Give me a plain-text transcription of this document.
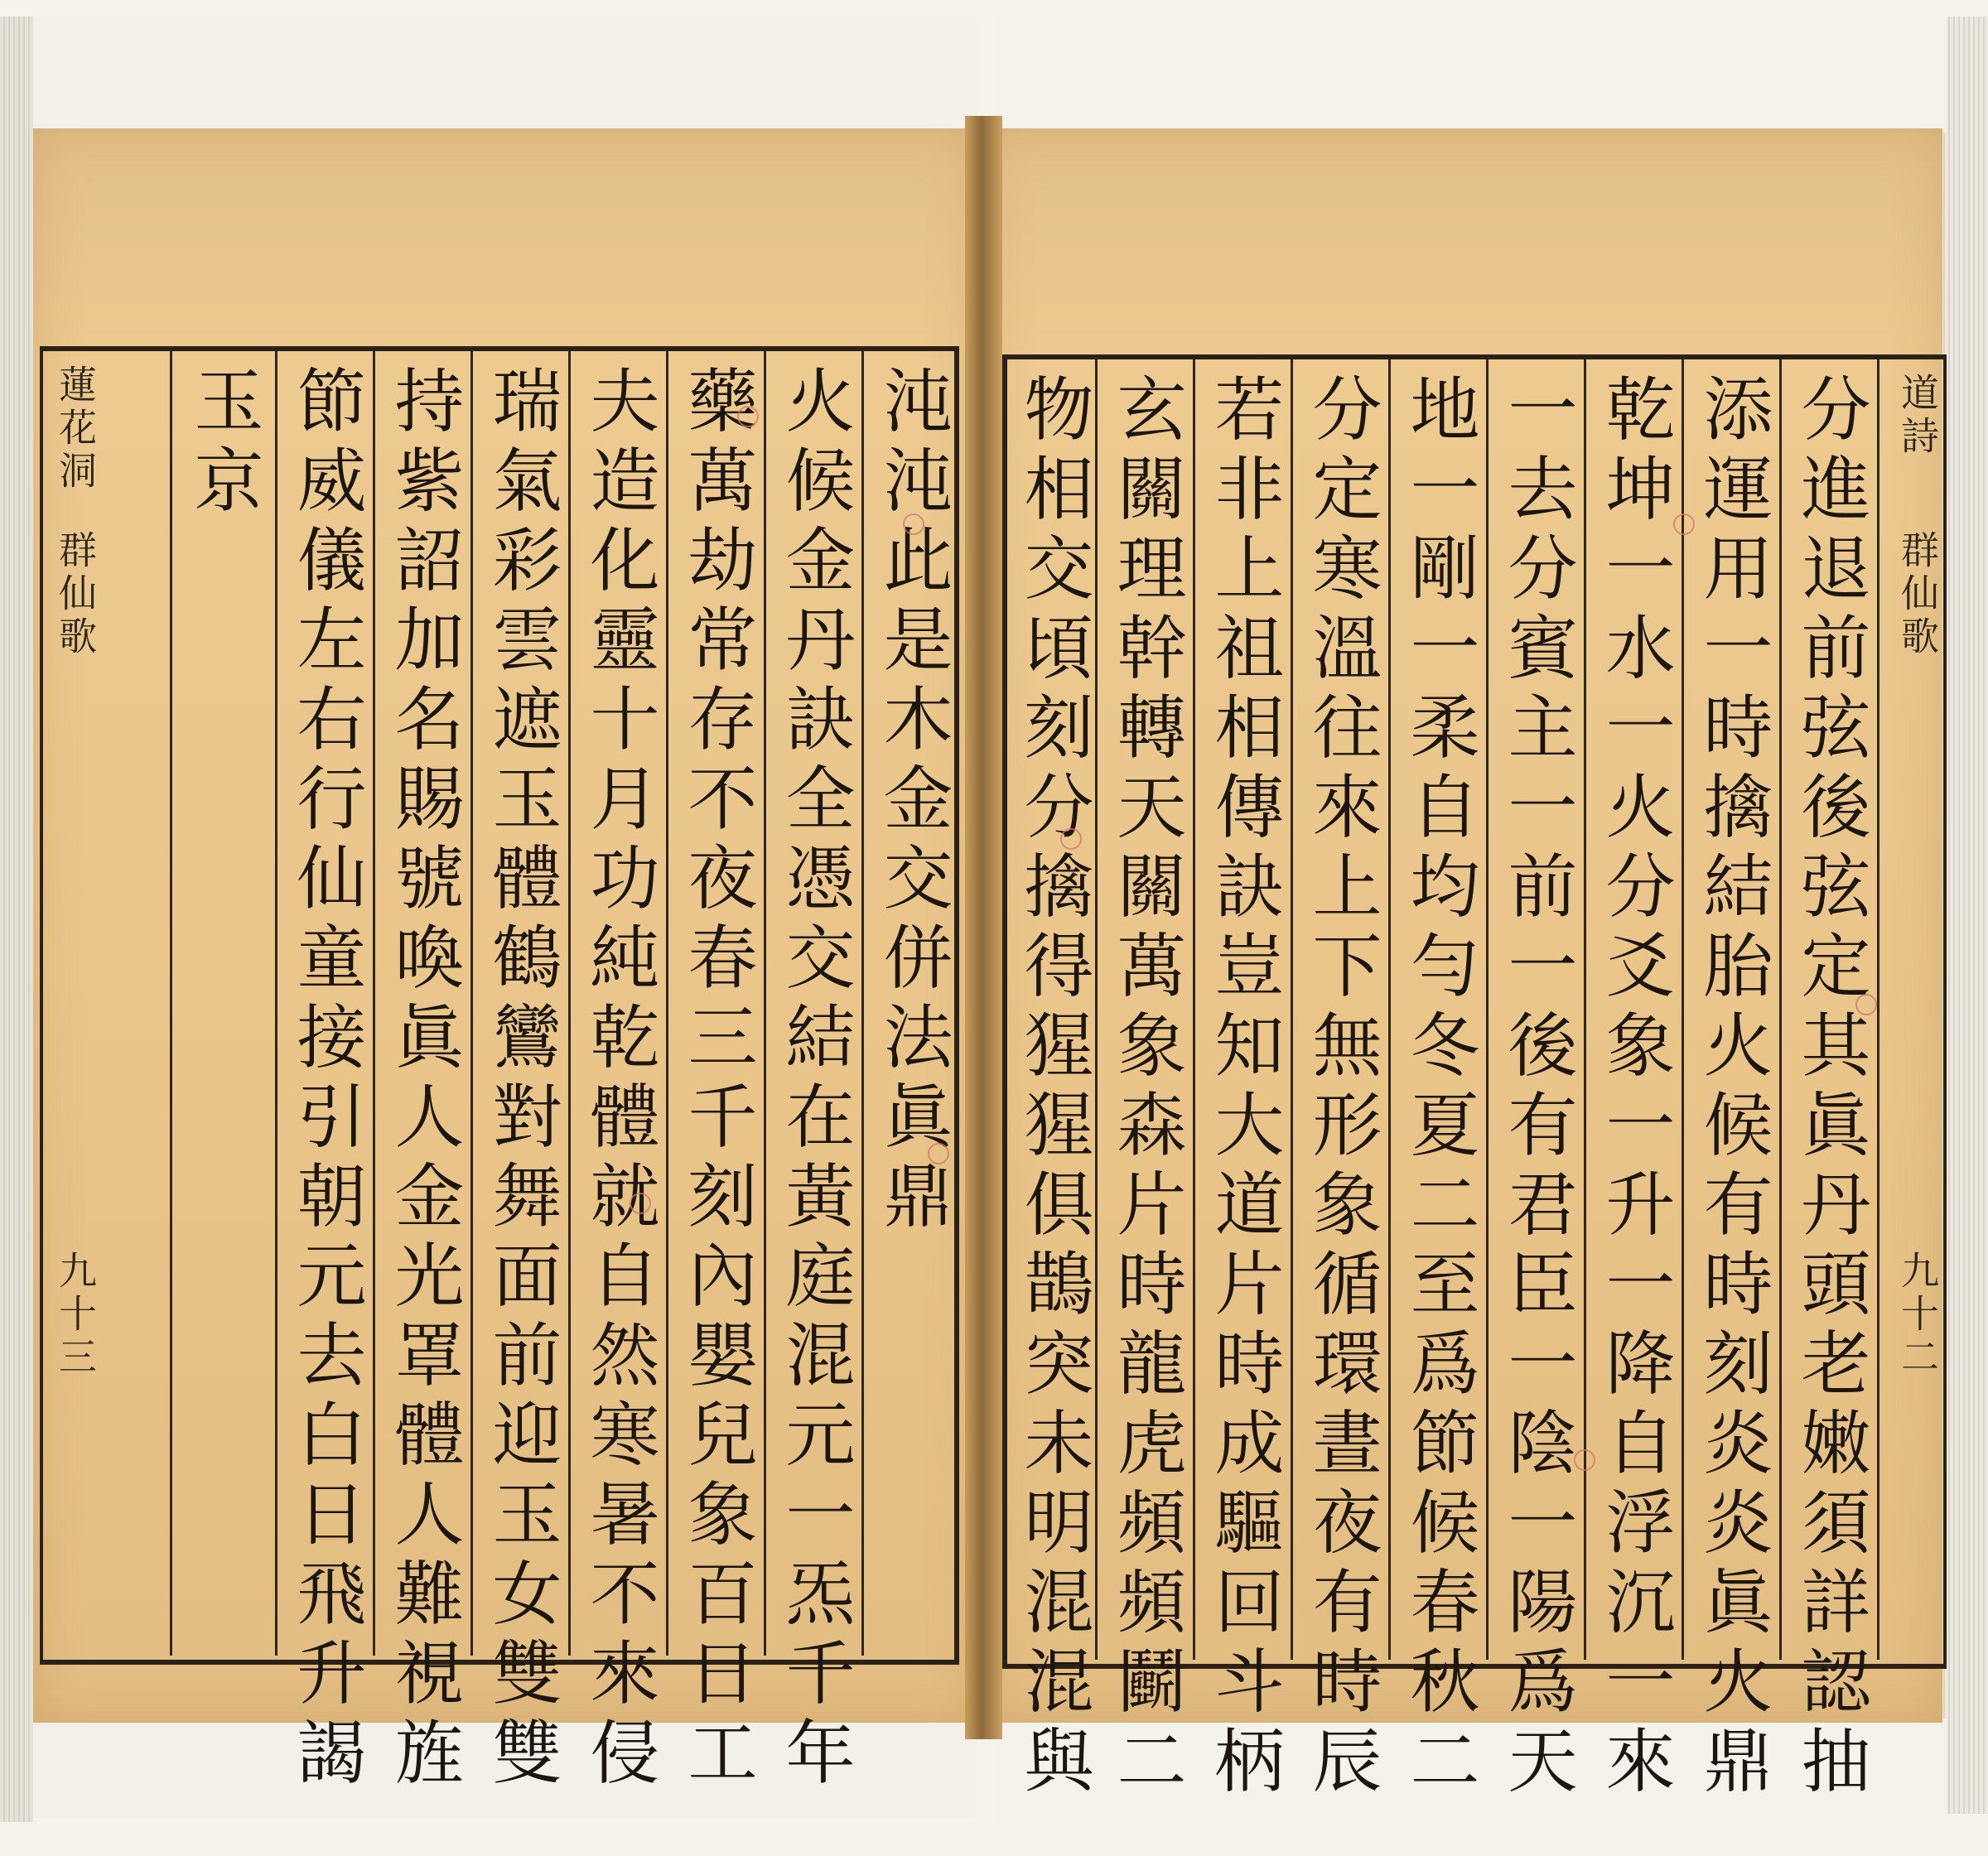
蓮花洞
群仙歌
九十三
沌沌此是木金交併法眞鼎
火候金丹訣全憑交結在黃庭混元一炁千年
藥萬劫常存不夜春三千刻內嬰兒象百日工
夫造化靈十月功純乾體就自然寒暑不來侵
瑞氣彩雲遮玉體鶴鸞對舞面前迎玉女雙雙
持紫詔加名賜號喚眞人金光罩體人難視旌
節威儀左右行仙童接引朝元去白日飛升謁
玉京	道詩
群仙歌
九十二
分進退前弦後弦定其眞丹頭老嫩須詳認抽
添運用一時擒結胎火候有時刻炎炎眞火鼎
乾坤一水一火分爻象一升一降自浮沉一來
一去分賓主一前一後有君臣一陰一陽爲天
地一剛一柔自均勻冬夏二至爲節候春秋二
分定寒溫往來上下無形象循環晝夜有時辰
若非上祖相傳訣豈知大道片時成驅回斗柄
玄關理幹轉天關萬象森片時龍虎頻頻鬬二
物相交頃刻分擒得猩猩俱鵲突未明混混與
